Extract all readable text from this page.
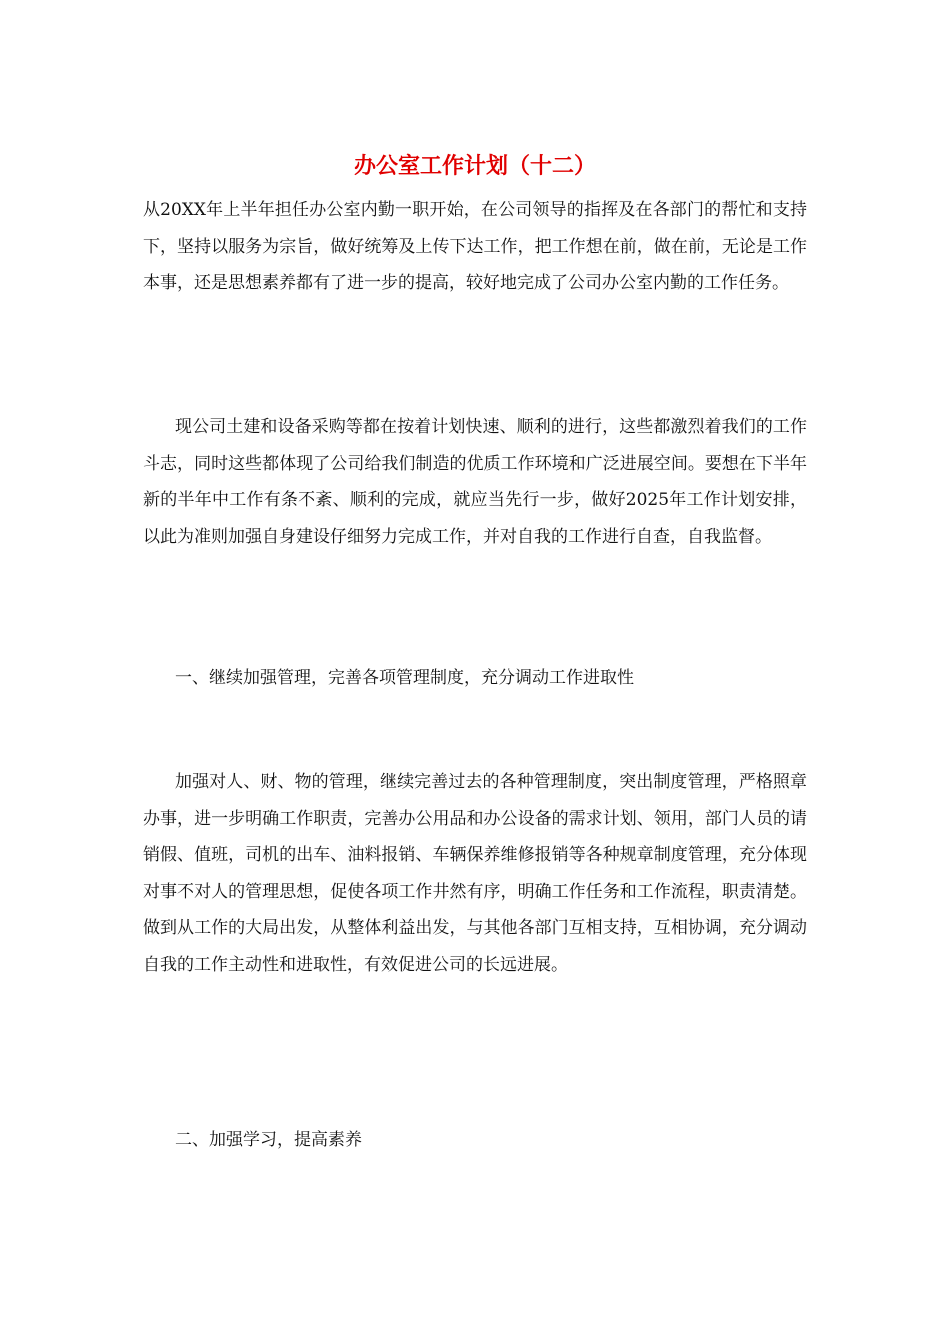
办公室工作计划（十二）

从20XX年上半年担任办公室内勤一职开始，在公司领导的指挥及在各部门的帮忙和支持下，坚持以服务为宗旨，做好统筹及上传下达工作，把工作想在前，做在前，无论是工作本事，还是思想素养都有了进一步的提高，较好地完成了公司办公室内勤的工作任务。

现公司土建和设备采购等都在按着计划快速、顺利的进行，这些都激烈着我们的工作斗志，同时这些都体现了公司给我们制造的优质工作环境和广泛进展空间。要想在下半年新的半年中工作有条不紊、顺利的完成，就应当先行一步，做好2025年工作计划安排，以此为准则加强自身建设仔细努力完成工作，并对自我的工作进行自查，自我监督。

一、继续加强管理，完善各项管理制度，充分调动工作进取性

加强对人、财、物的管理，继续完善过去的各种管理制度，突出制度管理，严格照章办事，进一步明确工作职责，完善办公用品和办公设备的需求计划、领用，部门人员的请销假、值班，司机的出车、油料报销、车辆保养维修报销等各种规章制度管理，充分体现对事不对人的管理思想，促使各项工作井然有序，明确工作任务和工作流程，职责清楚。做到从工作的大局出发，从整体利益出发，与其他各部门互相支持，互相协调，充分调动自我的工作主动性和进取性，有效促进公司的长远进展。

二、加强学习，提高素养
